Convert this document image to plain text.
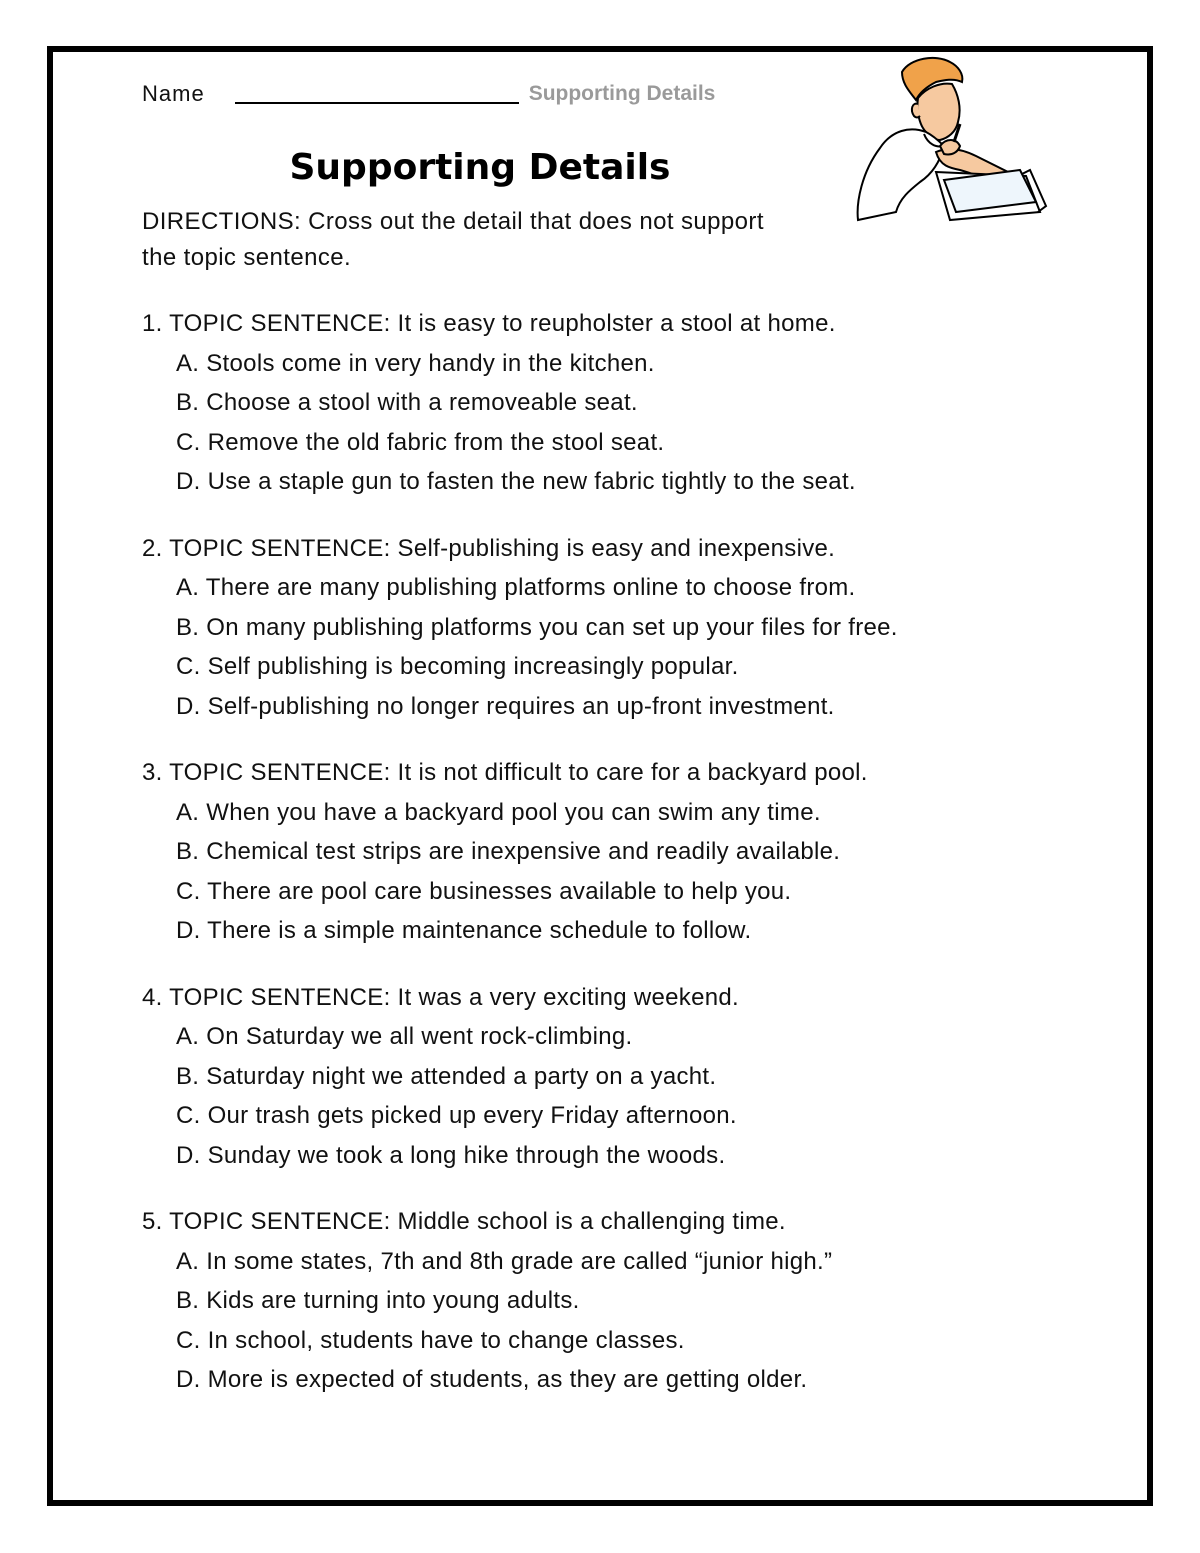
Name	Supporting Details
Supporting Details
DIRECTIONS: Cross out the detail that does not support the topic sentence.
1. TOPIC SENTENCE: It is easy to reupholster a stool at home.
A. Stools come in very handy in the kitchen.
B. Choose a stool with a removeable seat.
C. Remove the old fabric from the stool seat.
D. Use a staple gun to fasten the new fabric tightly to the seat.
2. TOPIC SENTENCE: Self-publishing is easy and inexpensive.
A. There are many publishing platforms online to choose from.
B. On many publishing platforms you can set up your files for free.
C. Self publishing is becoming increasingly popular.
D. Self-publishing no longer requires an up-front investment.
3. TOPIC SENTENCE: It is not difficult to care for a backyard pool.
A. When you have a backyard pool you can swim any time.
B. Chemical test strips are inexpensive and readily available.
C. There are pool care businesses available to help you.
D. There is a simple maintenance schedule to follow.
4. TOPIC SENTENCE: It was a very exciting weekend.
A. On Saturday we all went rock-climbing.
B. Saturday night we attended a party on a yacht.
C. Our trash gets picked up every Friday afternoon.
D. Sunday we took a long hike through the woods.
5. TOPIC SENTENCE: Middle school is a challenging time.
A. In some states, 7th and 8th grade are called “junior high.”
B. Kids are turning into young adults.
C. In school, students have to change classes.
D. More is expected of students, as they are getting older.
